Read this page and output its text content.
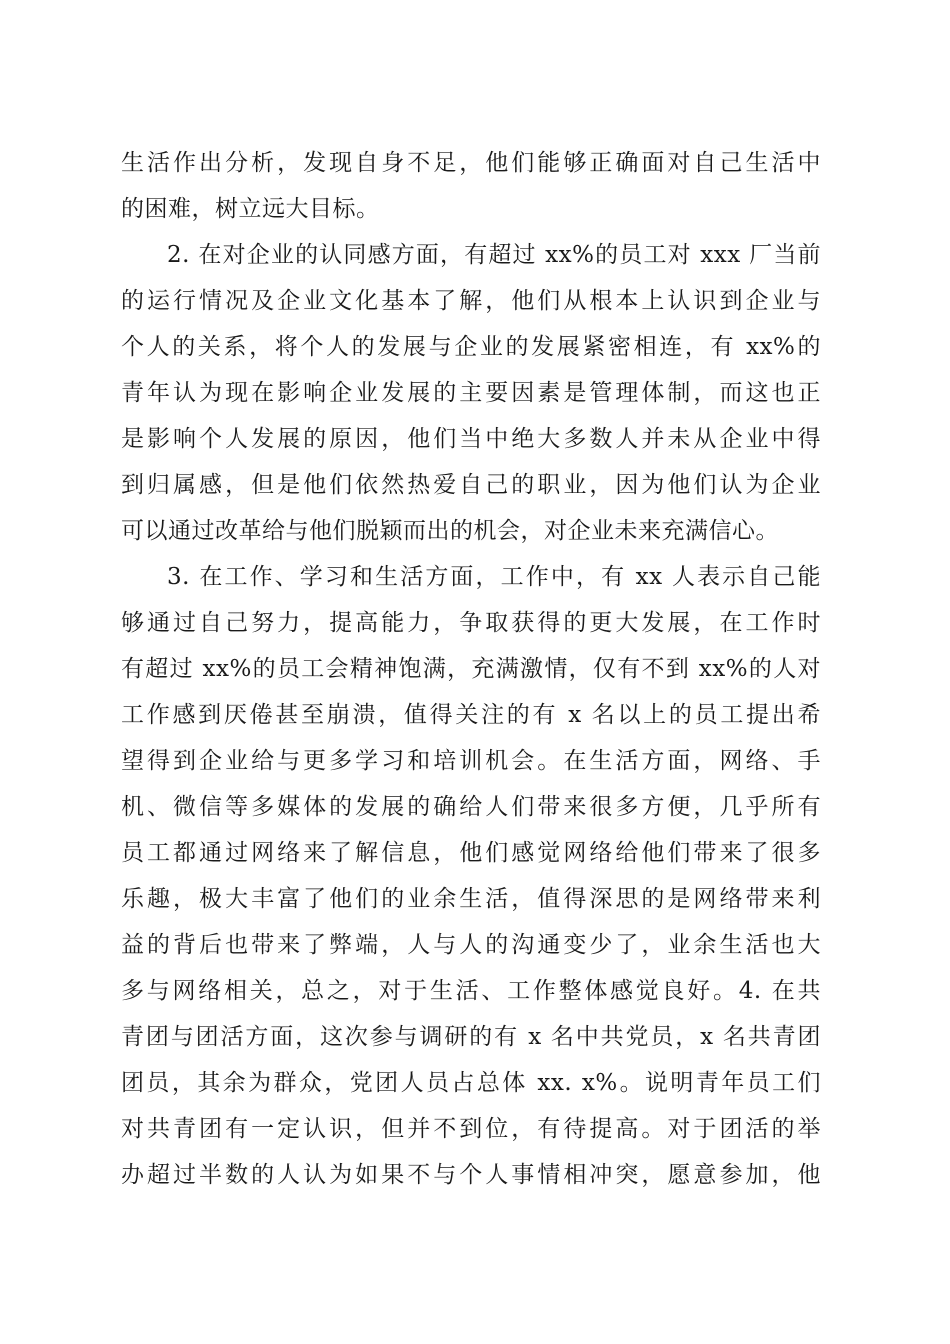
生活作出分析，发现自身不足，他们能够正确面对自己生活中
的困难，树立远大目标。
2. 在对企业的认同感方面，有超过 xx%的员工对 xxx 厂当前
的运行情况及企业文化基本了解，他们从根本上认识到企业与
个人的关系，将个人的发展与企业的发展紧密相连，有 xx%的
青年认为现在影响企业发展的主要因素是管理体制，而这也正
是影响个人发展的原因，他们当中绝大多数人并未从企业中得
到归属感，但是他们依然热爱自己的职业，因为他们认为企业
可以通过改革给与他们脱颖而出的机会，对企业未来充满信心。
3. 在工作、学习和生活方面，工作中，有 xx 人表示自己能
够通过自己努力，提高能力，争取获得的更大发展，在工作时
有超过 xx%的员工会精神饱满，充满激情，仅有不到 xx%的人对
工作感到厌倦甚至崩溃，值得关注的有 x 名以上的员工提出希
望得到企业给与更多学习和培训机会。在生活方面，网络、手
机、微信等多媒体的发展的确给人们带来很多方便，几乎所有
员工都通过网络来了解信息，他们感觉网络给他们带来了很多
乐趣，极大丰富了他们的业余生活，值得深思的是网络带来利
益的背后也带来了弊端，人与人的沟通变少了，业余生活也大
多与网络相关，总之，对于生活、工作整体感觉良好。4. 在共
青团与团活方面，这次参与调研的有 x 名中共党员，x 名共青团
团员，其余为群众，党团人员占总体 xx. x%。说明青年员工们
对共青团有一定认识，但并不到位，有待提高。对于团活的举
办超过半数的人认为如果不与个人事情相冲突，愿意参加，他
